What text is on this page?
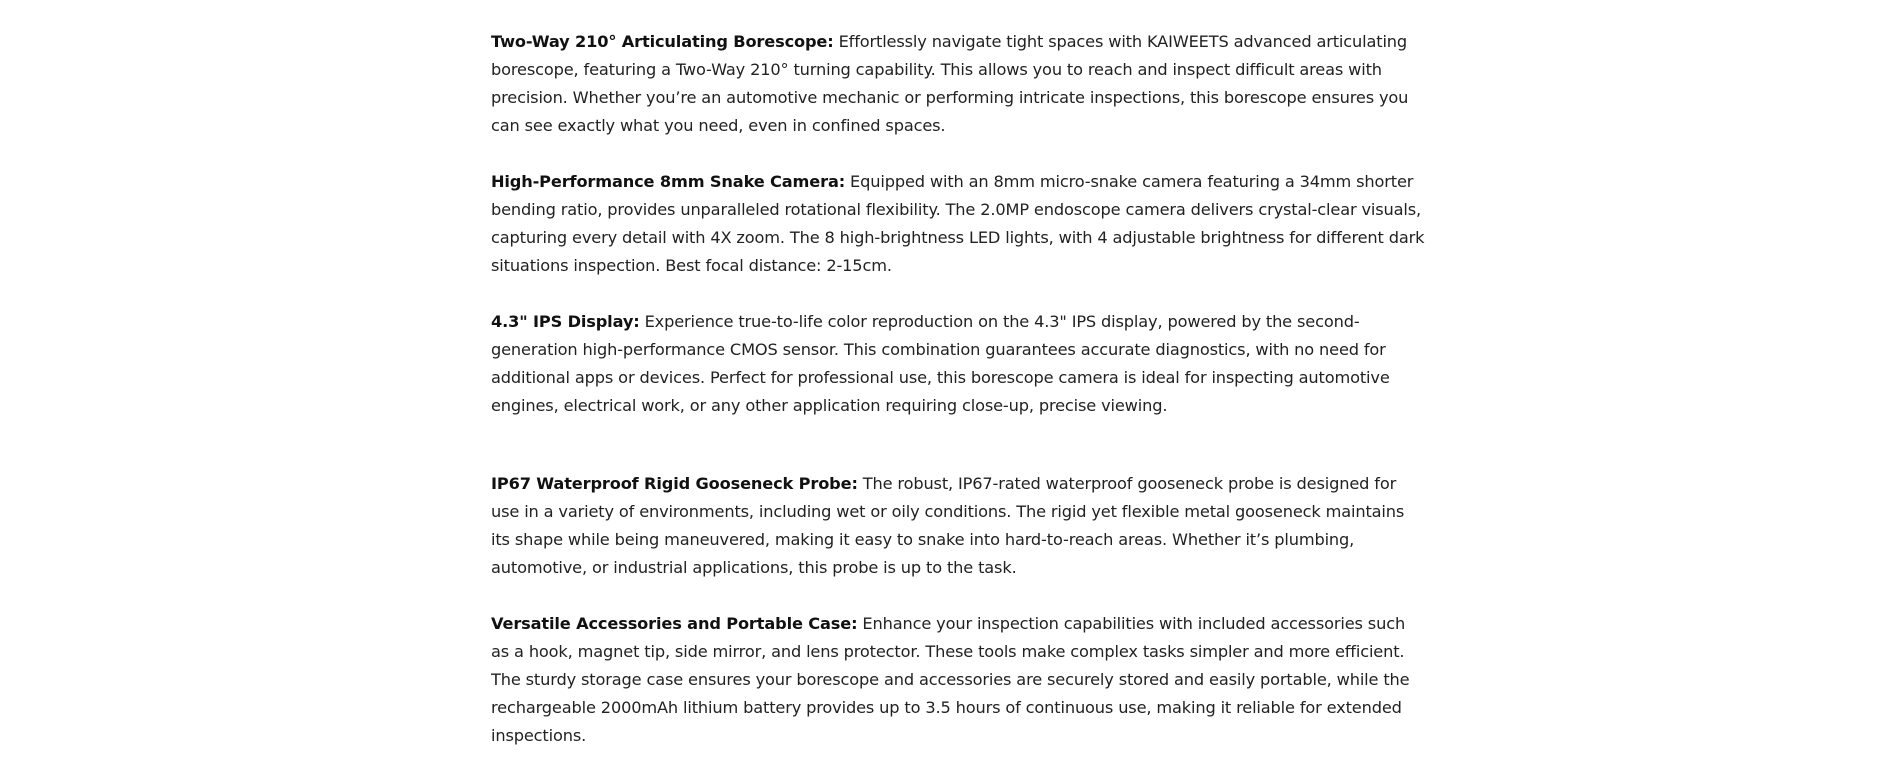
Two-Way 210° Articulating Borescope: Effortlessly navigate tight spaces with KAIWEETS advanced articulating borescope, featuring a Two-Way 210° turning capability. This allows you to reach and inspect difficult areas with precision. Whether you’re an automotive mechanic or performing intricate inspections, this borescope ensures you can see exactly what you need, even in confined spaces.

High-Performance 8mm Snake Camera: Equipped with an 8mm micro-snake camera featuring a 34mm shorter bending ratio, provides unparalleled rotational flexibility. The 2.0MP endoscope camera delivers crystal-clear visuals, capturing every detail with 4X zoom. The 8 high-brightness LED lights, with 4 adjustable brightness for different dark situations inspection. Best focal distance: 2-15cm.

4.3" IPS Display: Experience true-to-life color reproduction on the 4.3" IPS display, powered by the second-generation high-performance CMOS sensor. This combination guarantees accurate diagnostics, with no need for additional apps or devices. Perfect for professional use, this borescope camera is ideal for inspecting automotive engines, electrical work, or any other application requiring close-up, precise viewing.

IP67 Waterproof Rigid Gooseneck Probe: The robust, IP67-rated waterproof gooseneck probe is designed for use in a variety of environments, including wet or oily conditions. The rigid yet flexible metal gooseneck maintains its shape while being maneuvered, making it easy to snake into hard-to-reach areas. Whether it’s plumbing, automotive, or industrial applications, this probe is up to the task.

Versatile Accessories and Portable Case: Enhance your inspection capabilities with included accessories such as a hook, magnet tip, side mirror, and lens protector. These tools make complex tasks simpler and more efficient. The sturdy storage case ensures your borescope and accessories are securely stored and easily portable, while the rechargeable 2000mAh lithium battery provides up to 3.5 hours of continuous use, making it reliable for extended inspections.
